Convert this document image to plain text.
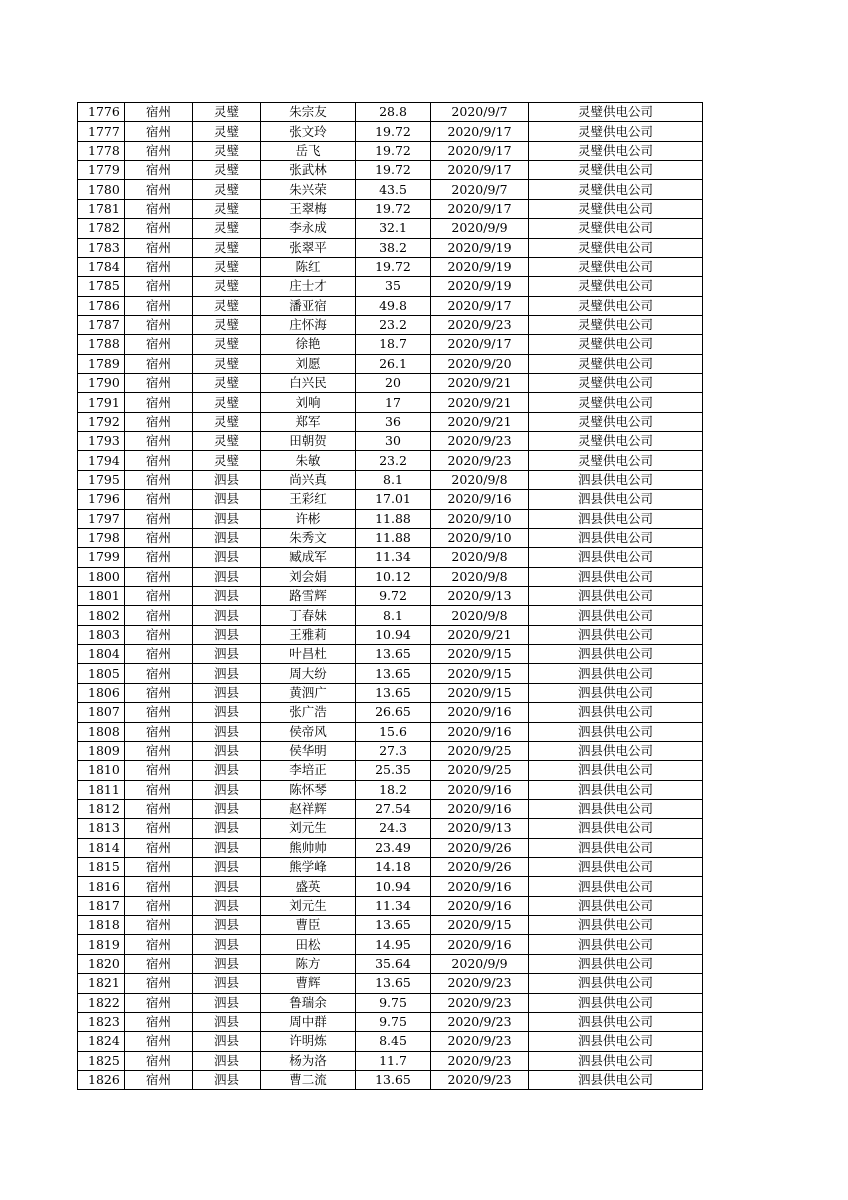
1776	宿州	灵璧	朱宗友	28.8	2020/9/7	灵璧供电公司
1777	宿州	灵璧	张文玲	19.72	2020/9/17	灵璧供电公司
1778	宿州	灵璧	岳飞	19.72	2020/9/17	灵璧供电公司
1779	宿州	灵璧	张武林	19.72	2020/9/17	灵璧供电公司
1780	宿州	灵璧	朱兴荣	43.5	2020/9/7	灵璧供电公司
1781	宿州	灵璧	王翠梅	19.72	2020/9/17	灵璧供电公司
1782	宿州	灵璧	李永成	32.1	2020/9/9	灵璧供电公司
1783	宿州	灵璧	张翠平	38.2	2020/9/19	灵璧供电公司
1784	宿州	灵璧	陈红	19.72	2020/9/19	灵璧供电公司
1785	宿州	灵璧	庄士才	35	2020/9/19	灵璧供电公司
1786	宿州	灵璧	潘亚宿	49.8	2020/9/17	灵璧供电公司
1787	宿州	灵璧	庄怀海	23.2	2020/9/23	灵璧供电公司
1788	宿州	灵璧	徐艳	18.7	2020/9/17	灵璧供电公司
1789	宿州	灵璧	刘愿	26.1	2020/9/20	灵璧供电公司
1790	宿州	灵璧	白兴民	20	2020/9/21	灵璧供电公司
1791	宿州	灵璧	刘响	17	2020/9/21	灵璧供电公司
1792	宿州	灵璧	郑军	36	2020/9/21	灵璧供电公司
1793	宿州	灵璧	田朝贺	30	2020/9/23	灵璧供电公司
1794	宿州	灵璧	朱敏	23.2	2020/9/23	灵璧供电公司
1795	宿州	泗县	尚兴真	8.1	2020/9/8	泗县供电公司
1796	宿州	泗县	王彩红	17.01	2020/9/16	泗县供电公司
1797	宿州	泗县	许彬	11.88	2020/9/10	泗县供电公司
1798	宿州	泗县	朱秀文	11.88	2020/9/10	泗县供电公司
1799	宿州	泗县	臧成军	11.34	2020/9/8	泗县供电公司
1800	宿州	泗县	刘会娟	10.12	2020/9/8	泗县供电公司
1801	宿州	泗县	路雪辉	9.72	2020/9/13	泗县供电公司
1802	宿州	泗县	丁春妹	8.1	2020/9/8	泗县供电公司
1803	宿州	泗县	王雅莉	10.94	2020/9/21	泗县供电公司
1804	宿州	泗县	叶昌杜	13.65	2020/9/15	泗县供电公司
1805	宿州	泗县	周大纷	13.65	2020/9/15	泗县供电公司
1806	宿州	泗县	黄泗广	13.65	2020/9/15	泗县供电公司
1807	宿州	泗县	张广浩	26.65	2020/9/16	泗县供电公司
1808	宿州	泗县	侯帝风	15.6	2020/9/16	泗县供电公司
1809	宿州	泗县	侯华明	27.3	2020/9/25	泗县供电公司
1810	宿州	泗县	李培正	25.35	2020/9/25	泗县供电公司
1811	宿州	泗县	陈怀琴	18.2	2020/9/16	泗县供电公司
1812	宿州	泗县	赵祥辉	27.54	2020/9/16	泗县供电公司
1813	宿州	泗县	刘元生	24.3	2020/9/13	泗县供电公司
1814	宿州	泗县	熊帅帅	23.49	2020/9/26	泗县供电公司
1815	宿州	泗县	熊学峰	14.18	2020/9/26	泗县供电公司
1816	宿州	泗县	盛英	10.94	2020/9/16	泗县供电公司
1817	宿州	泗县	刘元生	11.34	2020/9/16	泗县供电公司
1818	宿州	泗县	曹臣	13.65	2020/9/15	泗县供电公司
1819	宿州	泗县	田松	14.95	2020/9/16	泗县供电公司
1820	宿州	泗县	陈方	35.64	2020/9/9	泗县供电公司
1821	宿州	泗县	曹辉	13.65	2020/9/23	泗县供电公司
1822	宿州	泗县	鲁瑞余	9.75	2020/9/23	泗县供电公司
1823	宿州	泗县	周中群	9.75	2020/9/23	泗县供电公司
1824	宿州	泗县	许明炼	8.45	2020/9/23	泗县供电公司
1825	宿州	泗县	杨为洛	11.7	2020/9/23	泗县供电公司
1826	宿州	泗县	曹二流	13.65	2020/9/23	泗县供电公司
